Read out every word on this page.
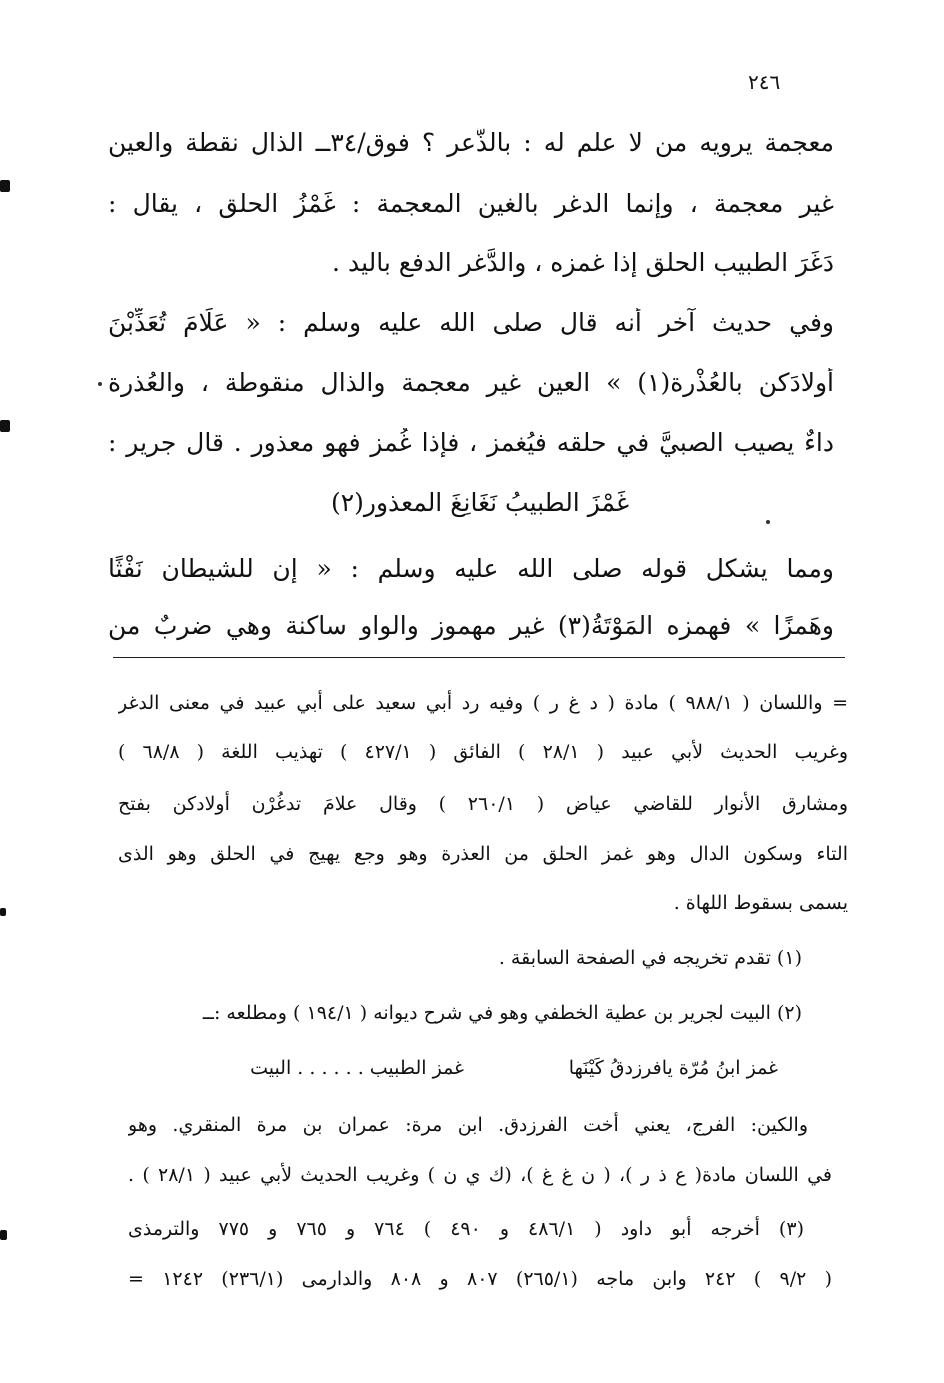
٢٤٦
معجمة يرويه من لا علم له : بالذُّعر ؟ فوق/٣٤ــ الذال نقطة والعين
غير معجمة ، وإنما الدغر بالغين المعجمة : غَمْزُ الحلق ، يقال :
دَغَرَ الطبيب الحلق إذا غمزه ، والدَّغر الدفع باليد .
وفي حديث آخر أنه قال صلى الله عليه وسلم : « عَلَامَ تُعَذِّبْنَ
أَولادَكن بالعُذْرة(١) » العين غير معجمة والذال منقوطة ، والعُذرة
داءٌ يصيب الصبيَّ في حلقه فيُغمز ، فإذا غُمز فهو معذور . قال جرير :
غَمْزَ الطبيبُ نَغَانِغَ المعذور(٢)
ومما يشكل قوله صلى الله عليه وسلم : « إن للشيطان نَفْثًا
وهَمزًا » فهمزه المَوْتَةُ(٣) غير مهموز والواو ساكنة وهي ضربٌ من
= واللسان ( ٩٨٨/١ ) مادة ( د غ ر ) وفيه رد أبي سعيد على أبي عبيد في معنى الدغر
وغريب الحديث لأبي عبيد ( ٢٨/١ ) الفائق ( ٤٢٧/١ ) تهذيب اللغة ( ٦٨/٨ )
ومشارق الأنوار للقاضي عياض ( ٢٦٠/١ ) وقال علامَ تدغُرْن أولادكن بفتح
التاء وسكون الدال وهو غمز الحلق من العذرة وهو وجع يهيج في الحلق وهو الذى
يسمى بسقوط اللهاة .
(١) تقدم تخريجه في الصفحة السابقة .
(٢) البيت لجرير بن عطية الخطفي وهو في شرح ديوانه ( ١٩٤/١ ) ومطلعه :ــ
غمز ابنُ مُرّة يافرزدقُ كَيْنَها
غمز الطبيب . . . . . . البيت
والكين: الفرج، يعني أُخت الفرزدق. ابن مرة: عمران بن مرة المنقري. وهو
في اللسان مادة( ع ذ ر )، ( ن غ غ )، (ك ي ن ) وغريب الحديث لأبي عبيد ( ٢٨/١ ) .
(٣) أخرجه أبو داود ( ٤٨٦/١ و ٤٩٠ ) ٧٦٤ و ٧٦٥ و ٧٧٥ والترمذى
( ٩/٢ ) ٢٤٢ وابن ماجه (٢٦٥/١) ٨٠٧ و ٨٠٨ والدارمى (٢٣٦/١) ١٢٤٢ =
